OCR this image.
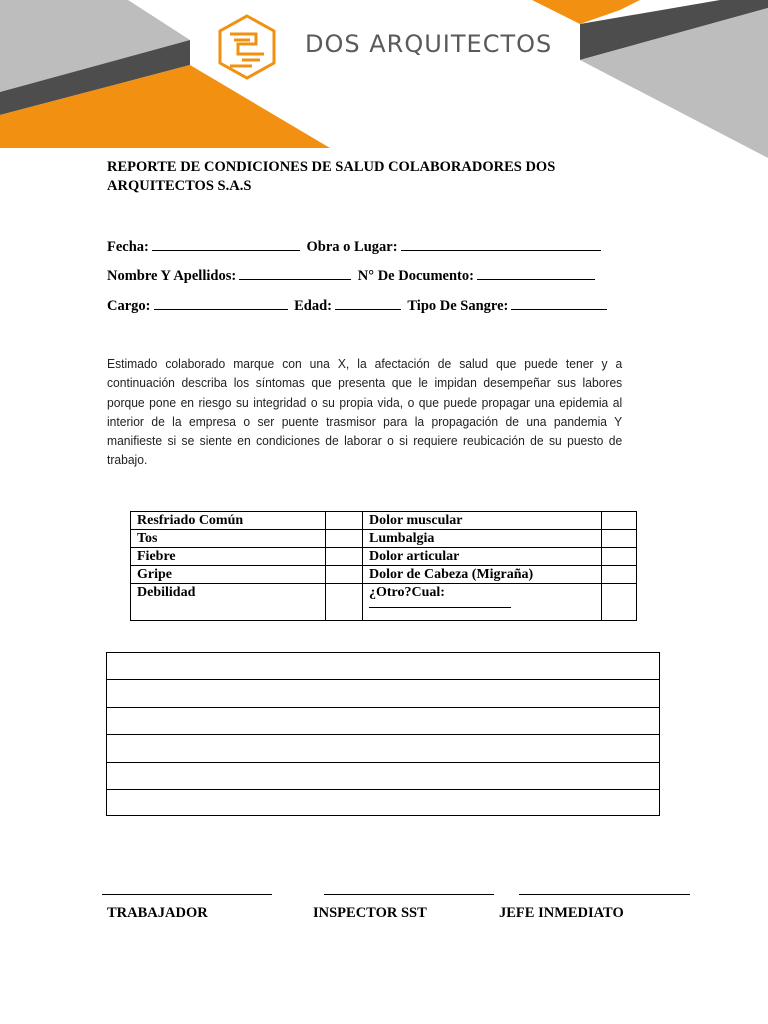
DOS ARQUITECTOS
REPORTE DE CONDICIONES DE SALUD COLABORADORES DOS ARQUITECTOS S.A.S
Fecha:	Obra o Lugar:
Nombre Y Apellidos:	N° De Documento:
Cargo:	Edad:	Tipo De Sangre:
Estimado colaborado marque con una X, la afectación de salud que puede tener y a continuación describa los síntomas que presenta que le impidan desempeñar sus labores porque pone en riesgo su integridad o su propia vida, o que puede propagar una epidemia al interior de la empresa o ser puente trasmisor para la propagación de una pandemia Y manifieste si se siente en condiciones de laborar o si requiere reubicación de su puesto de trabajo.
Resfriado Común		Dolor muscular	
Tos		Lumbalgia	
Fiebre		Dolor articular	
Gripe		Dolor de Cabeza (Migraña)	
Debilidad		¿Otro?Cual:

TRABAJADOR	INSPECTOR SST	JEFE INMEDIATO
